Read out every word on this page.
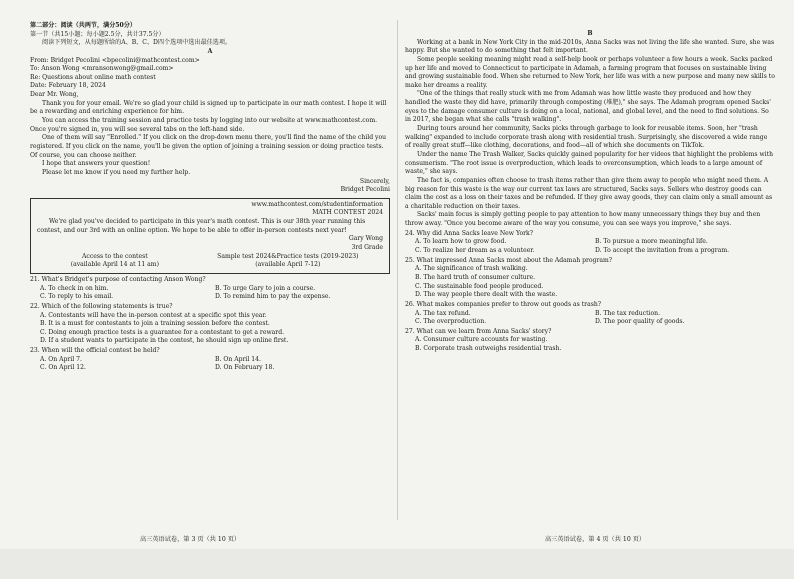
第二部分：阅读（共两节，满分50分）

第一节（共15小题；每小题2.5分，共计37.5分）

阅读下列短文，从每题所给的A、B、C、D四个选项中选出最佳选项。

A

From: Bridget Pecolini <bpecolini@mathcontest.com>

To: Anson Wong <mransonwong@gmail.com>

Re: Questions about online math contest

Date: February 18, 2024

Dear Mr. Wong,

Thank you for your email. We're so glad your child is signed up to participate in our math contest. I hope it will be a rewarding and enriching experience for him.

You can access the training session and practice tests by logging into our website at www.mathcontest.com. Once you're signed in, you will see several tabs on the left-hand side.

One of them will say "Enrolled." If you click on the drop-down menu there, you'll find the name of the child you registered. If you click on the name, you'll be given the option of joining a training session or doing practice tests. Of course, you can choose neither.

I hope that answers your question!

Please let me know if you need my further help.

Sincerely,

Bridget Pecolini

www.mathcontest.com/studentinformation

MATH CONTEST 2024

We're glad you've decided to participate in this year's math contest. This is our 38th year running this contest, and our 3rd with an online option. We hope to be able to offer in-person contests next year!

Gary Wong

3rd Grade

Access to the contest

(available April 14 at 11 am)

Sample test 2024&Practice tests (2019-2023)

(available April 7-12)

21. What's Bridget's purpose of contacting Anson Wong?

A. To check in on him.	B. To urge Gary to join a course.
C. To reply to his email.	D. To remind him to pay the expense.

22. Which of the following statements is true?

A. Contestants will have the in-person contest at a specific spot this year.

B. It is a must for contestants to join a training session before the contest.

C. Doing enough practice tests is a guarantee for a contestant to get a reward.

D. If a student wants to participate in the contest, he should sign up online first.

23. When will the official contest be held?

A. On April 7.	B. On April 14.
C. On April 12.	D. On February 18.
高三英语试卷，第 3 页（共 10 页）

B

Working at a bank in New York City in the mid-2010s, Anna Sacks was not living the life she wanted. Sure, she was happy. But she wanted to do something that felt important.

Some people seeking meaning might read a self-help book or perhaps volunteer a few hours a week. Sacks packed up her life and moved to Connecticut to participate in Adamah, a farming program that focuses on sustainable living and growing sustainable food. When she returned to New York, her life was with a new purpose and many new skills to make her dreams a reality.

"One of the things that really stuck with me from Adamah was how little waste they produced and how they handled the waste they did have, primarily through composting (堆肥)," she says. The Adamah program opened Sacks' eyes to the damage consumer culture is doing on a local, national, and global level, and the need to find solutions. So in 2017, she began what she calls "trash walking".

During tours around her community, Sacks picks through garbage to look for reusable items. Soon, her "trash walking" expanded to include corporate trash along with residential trash. Surprisingly, she discovered a wide range of really great stuff—like clothing, decorations, and food—all of which she documents on TikTok.

Under the name The Trash Walker, Sacks quickly gained popularity for her videos that highlight the problems with consumerism. "The root issue is overproduction, which leads to overconsumption, which leads to a large amount of waste," she says.

The fact is, companies often choose to trash items rather than give them away to people who might need them. A big reason for this waste is the way our current tax laws are structured, Sacks says. Sellers who destroy goods can claim the cost as a loss on their taxes and be refunded. If they give away goods, they can claim only a small amount as a charitable reduction on their taxes.

Sacks' main focus is simply getting people to pay attention to how many unnecessary things they buy and then throw away. "Once you become aware of the way you consume, you can see ways you improve," she says.

24. Why did Anna Sacks leave New York?

A. To learn how to grow food.	B. To pursue a more meaningful life.
C. To realize her dream as a volunteer.	D. To accept the invitation from a program.

25. What impressed Anna Sacks most about the Adamah program?

A. The significance of trash walking.

B. The hard truth of consumer culture.

C. The sustainable food people produced.

D. The way people there dealt with the waste.

26. What makes companies prefer to throw out goods as trash?

A. The tax refund.	B. The tax reduction.
C. The overproduction.	D. The poor quality of goods.

27. What can we learn from Anna Sacks' story?

A. Consumer culture accounts for wasting.

B. Corporate trash outweighs residential trash.

高三英语试卷，第 4 页（共 10 页）
